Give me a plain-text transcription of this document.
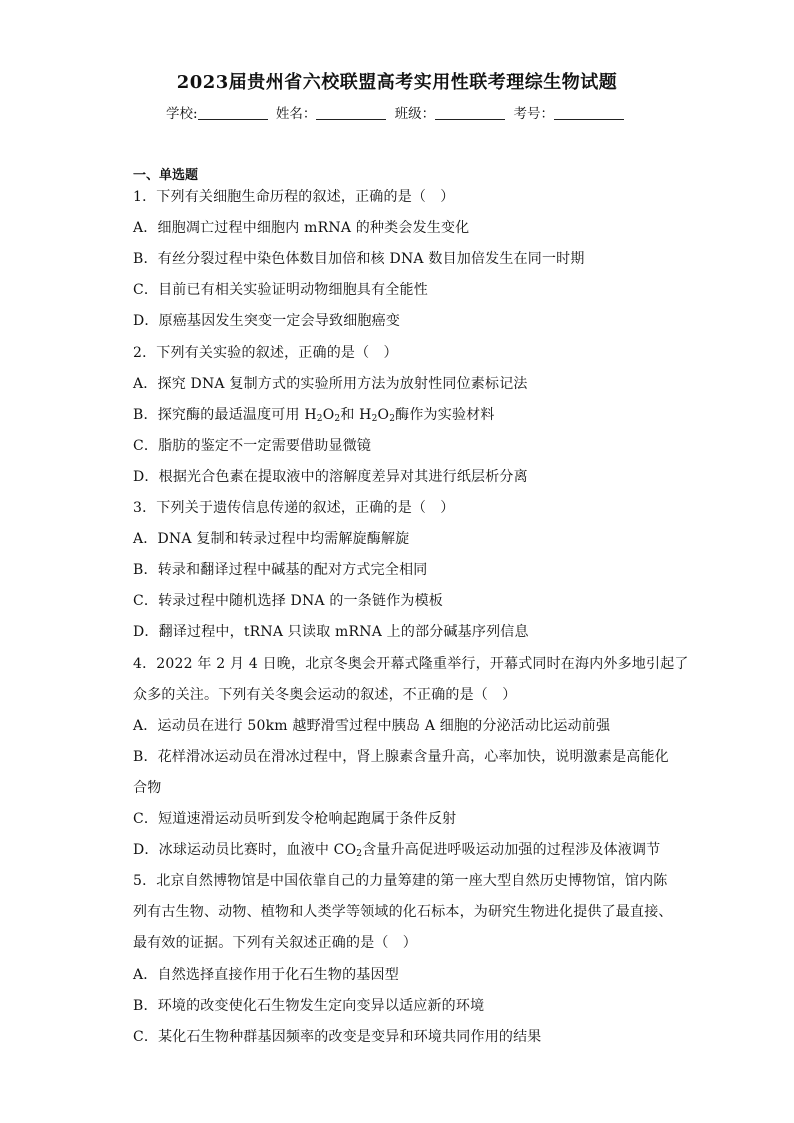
2023届贵州省六校联盟高考实用性联考理综生物试题
学校:	姓名：	班级：	考号：
一、单选题
1．下列有关细胞生命历程的叙述，正确的是（　）
A．细胞凋亡过程中细胞内 mRNA 的种类会发生变化
B．有丝分裂过程中染色体数目加倍和核 DNA 数目加倍发生在同一时期
C．目前已有相关实验证明动物细胞具有全能性
D．原癌基因发生突变一定会导致细胞癌变
2．下列有关实验的叙述，正确的是（　）
A．探究 DNA 复制方式的实验所用方法为放射性同位素标记法
B．探究酶的最适温度可用 $H_2O_2$和 $H_2O_2$酶作为实验材料
C．脂肪的鉴定不一定需要借助显微镜
D．根据光合色素在提取液中的溶解度差异对其进行纸层析分离
3．下列关于遗传信息传递的叙述，正确的是（　）
A．DNA 复制和转录过程中均需解旋酶解旋
B．转录和翻译过程中碱基的配对方式完全相同
C．转录过程中随机选择 DNA 的一条链作为模板
D．翻译过程中，tRNA 只读取 mRNA 上的部分碱基序列信息
4．2022 年 2 月 4 日晚，北京冬奥会开幕式隆重举行，开幕式同时在海内外多地引起了
众多的关注。下列有关冬奥会运动的叙述，不正确的是（　）
A．运动员在进行 50km 越野滑雪过程中胰岛 A 细胞的分泌活动比运动前强
B．花样滑冰运动员在滑冰过程中，肾上腺素含量升高，心率加快，说明激素是高能化
合物
C．短道速滑运动员听到发令枪响起跑属于条件反射
D．冰球运动员比赛时，血液中 $CO_2$含量升高促进呼吸运动加强的过程涉及体液调节
5．北京自然博物馆是中国依靠自己的力量筹建的第一座大型自然历史博物馆，馆内陈
列有古生物、动物、植物和人类学等领域的化石标本，为研究生物进化提供了最直接、
最有效的证据。下列有关叙述正确的是（　）
A．自然选择直接作用于化石生物的基因型
B．环境的改变使化石生物发生定向变异以适应新的环境
C．某化石生物种群基因频率的改变是变异和环境共同作用的结果
